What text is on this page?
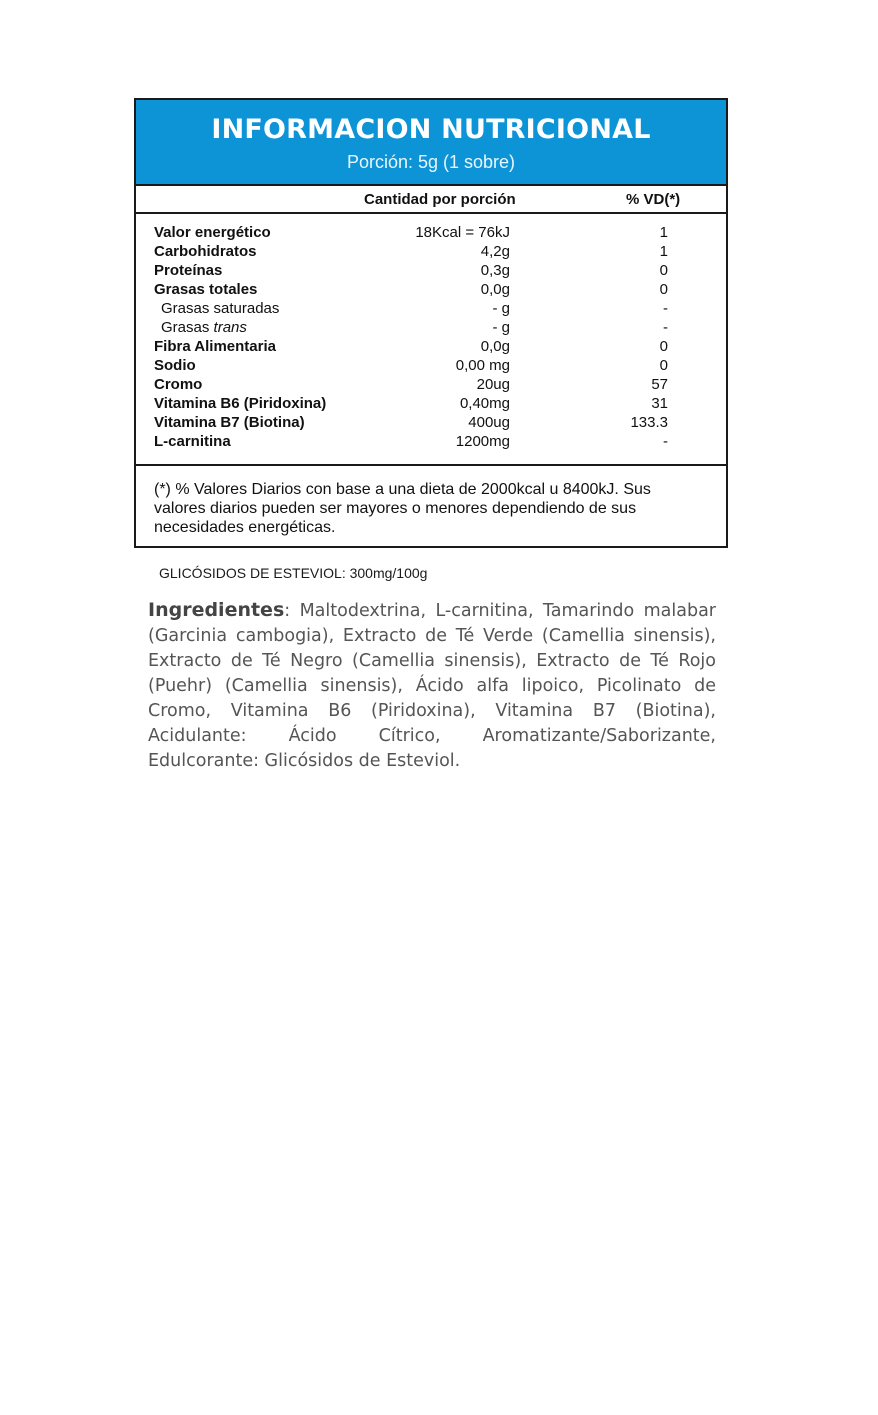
INFORMACION NUTRICIONAL
Porción: 5g (1 sobre)
Cantidad por porción	% VD(*)
Valor energético	18Kcal = 76kJ	1
Carbohidratos	4,2g	1
Proteínas	0,3g	0
Grasas totales	0,0g	0
Grasas saturadas	- g	-
Grasas trans	- g	-
Fibra Alimentaria	0,0g	0
Sodio	0,00 mg	0
Cromo	20ug	57
Vitamina B6 (Piridoxina)	0,40mg	31
Vitamina B7 (Biotina)	400ug	133.3
L-carnitina	1200mg	-
(*) % Valores Diarios con base a una dieta de 2000kcal u 8400kJ. Sus valores diarios pueden ser mayores o menores dependiendo de sus necesidades energéticas.
GLICÓSIDOS DE ESTEVIOL: 300mg/100g
Ingredientes: Maltodextrina, L-carnitina, Tamarindo malabar (Garcinia cambogia), Extracto de Té Verde (Camellia sinensis), Extracto de Té Negro (Camellia sinensis), Extracto de Té Rojo (Puehr) (Camellia sinensis), Ácido alfa lipoico, Picolinato de Cromo, Vitamina B6 (Piridoxina), Vitamina B7 (Biotina), Acidulante: Ácido Cítrico, Aromatizante/Saborizante, Edulcorante: Glicósidos de Esteviol.
